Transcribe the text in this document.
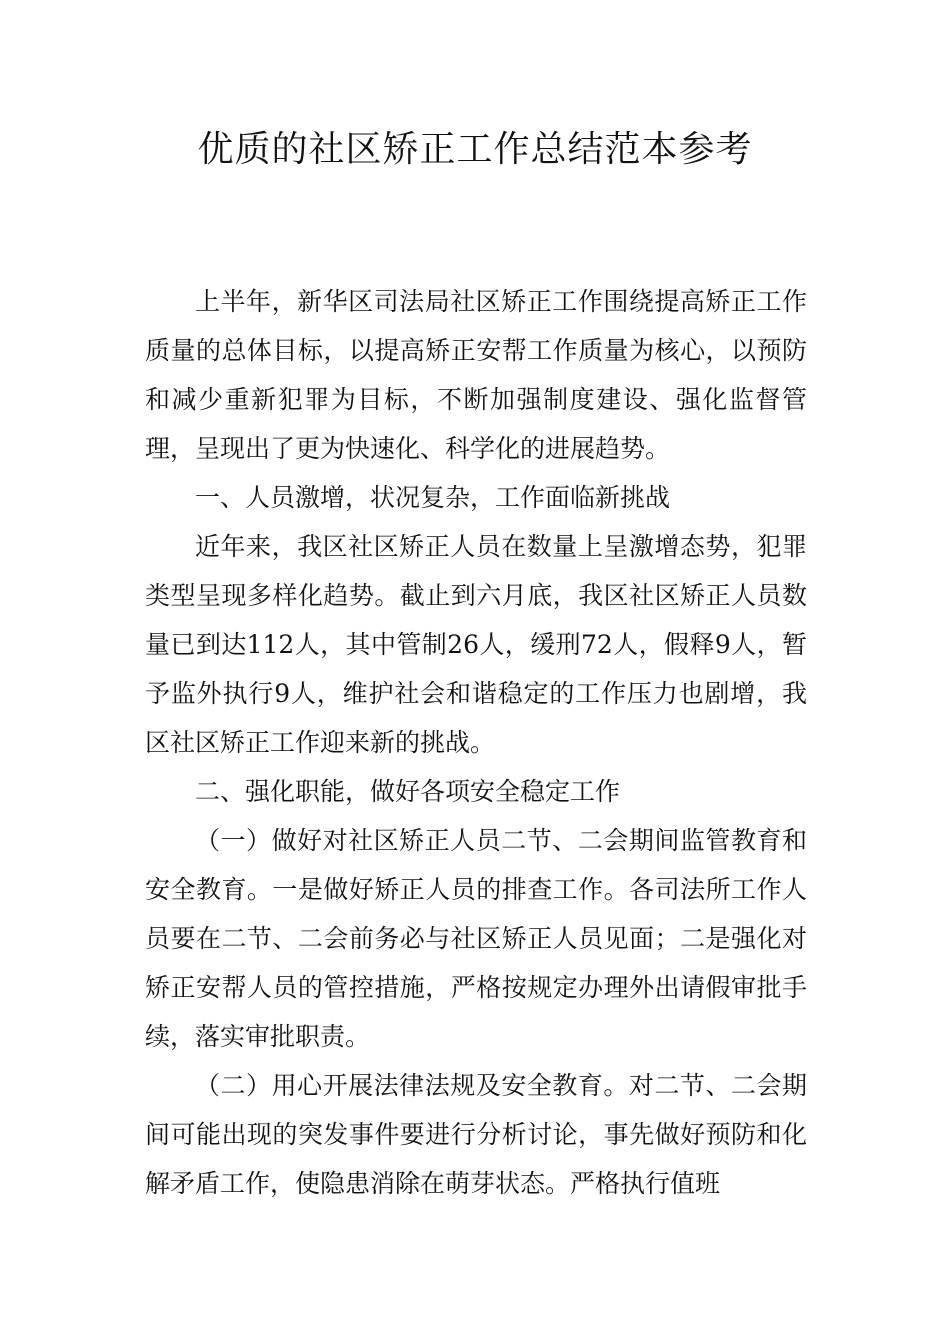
优质的社区矫正工作总结范本参考

上半年，新华区司法局社区矫正工作围绕提高矫正工作质量的总体目标，以提高矫正安帮工作质量为核心，以预防和减少重新犯罪为目标，不断加强制度建设、强化监督管理，呈现出了更为快速化、科学化的进展趋势。

一、人员激增，状况复杂，工作面临新挑战

近年来，我区社区矫正人员在数量上呈激增态势，犯罪类型呈现多样化趋势。截止到六月底，我区社区矫正人员数量已到达112人，其中管制26人，缓刑72人，假释9人，暂予监外执行9人，维护社会和谐稳定的工作压力也剧增，我区社区矫正工作迎来新的挑战。

二、强化职能，做好各项安全稳定工作

（一）做好对社区矫正人员二节、二会期间监管教育和安全教育。一是做好矫正人员的排查工作。各司法所工作人员要在二节、二会前务必与社区矫正人员见面；二是强化对矫正安帮人员的管控措施，严格按规定办理外出请假审批手续，落实审批职责。

（二）用心开展法律法规及安全教育。对二节、二会期间可能出现的突发事件要进行分析讨论，事先做好预防和化解矛盾工作，使隐患消除在萌芽状态。严格执行值班
